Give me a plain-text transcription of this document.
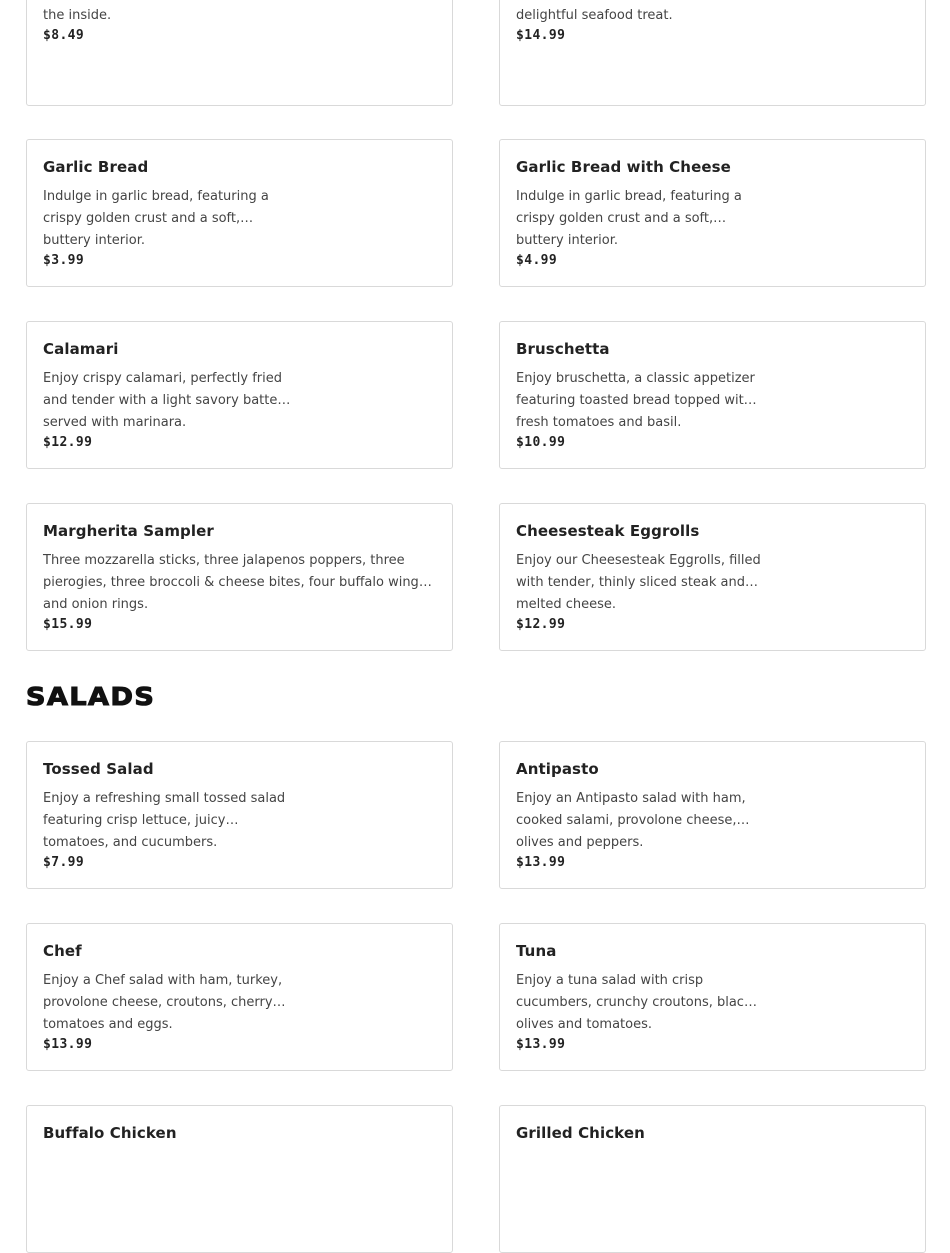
the inside.
$8.49
delightful seafood treat.
$14.99
Garlic Bread
Indulge in garlic bread, featuring a crispy golden crust and a soft, buttery interior.
$3.99
Garlic Bread with Cheese
Indulge in garlic bread, featuring a crispy golden crust and a soft, buttery interior.
$4.99
Calamari
Enjoy crispy calamari, perfectly fried and tender with a light savory batter, served with marinara.
$12.99
Bruschetta
Enjoy bruschetta, a classic appetizer featuring toasted bread topped with fresh tomatoes and basil.
$10.99
Margherita Sampler
Three mozzarella sticks, three jalapenos poppers, three pierogies, three broccoli & cheese bites, four buffalo wings, and onion rings.
$15.99
Cheesesteak Eggrolls
Enjoy our Cheesesteak Eggrolls, filled with tender, thinly sliced steak and melted cheese.
$12.99
SALADS
Tossed Salad
Enjoy a refreshing small tossed salad featuring crisp lettuce, juicy tomatoes, and cucumbers.
$7.99
Antipasto
Enjoy an Antipasto salad with ham, cooked salami, provolone cheese, olives and peppers.
$13.99
Chef
Enjoy a Chef salad with ham, turkey, provolone cheese, croutons, cherry tomatoes and eggs.
$13.99
Tuna
Enjoy a tuna salad with crisp cucumbers, crunchy croutons, black olives and tomatoes.
$13.99
Buffalo Chicken	Grilled Chicken
